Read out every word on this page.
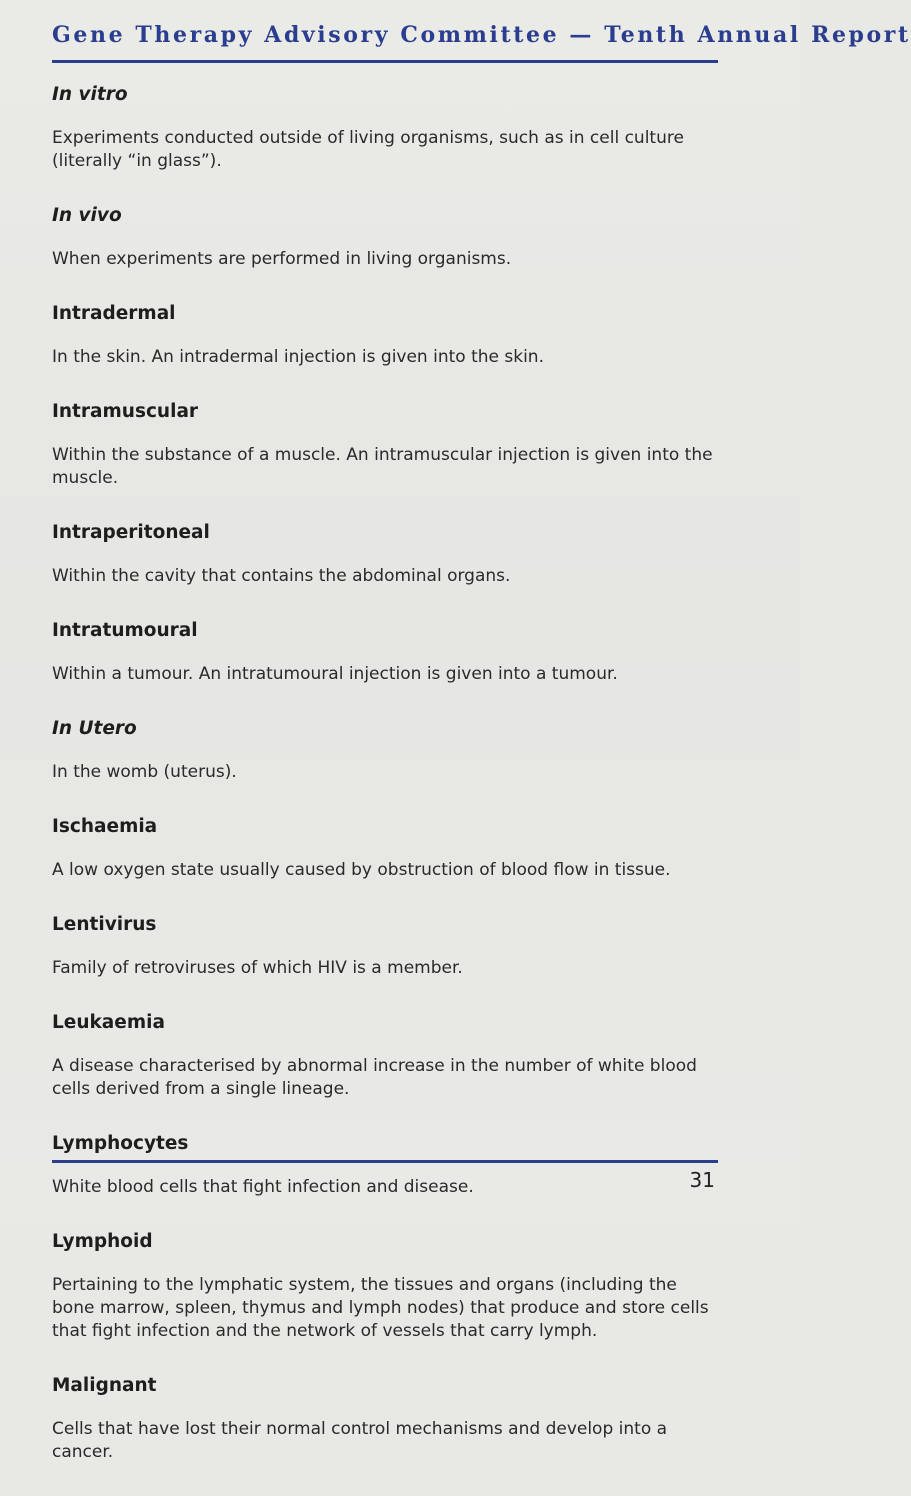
Gene Therapy Advisory Committee — Tenth Annual Report
In vitro

Experiments conducted outside of living organisms, such as in cell culture (literally “in glass”).

In vivo

When experiments are performed in living organisms.

Intradermal

In the skin. An intradermal injection is given into the skin.

Intramuscular

Within the substance of a muscle. An intramuscular injection is given into the muscle.

Intraperitoneal

Within the cavity that contains the abdominal organs.

Intratumoural

Within a tumour. An intratumoural injection is given into a tumour.

In Utero

In the womb (uterus).

Ischaemia

A low oxygen state usually caused by obstruction of blood flow in tissue.

Lentivirus

Family of retroviruses of which HIV is a member.

Leukaemia

A disease characterised by abnormal increase in the number of white blood cells derived from a single lineage.

Lymphocytes

White blood cells that fight infection and disease.

Lymphoid

Pertaining to the lymphatic system, the tissues and organs (including the bone marrow, spleen, thymus and lymph nodes) that produce and store cells that fight infection and the network of vessels that carry lymph.

Malignant

Cells that have lost their normal control mechanisms and develop into a cancer.

31
